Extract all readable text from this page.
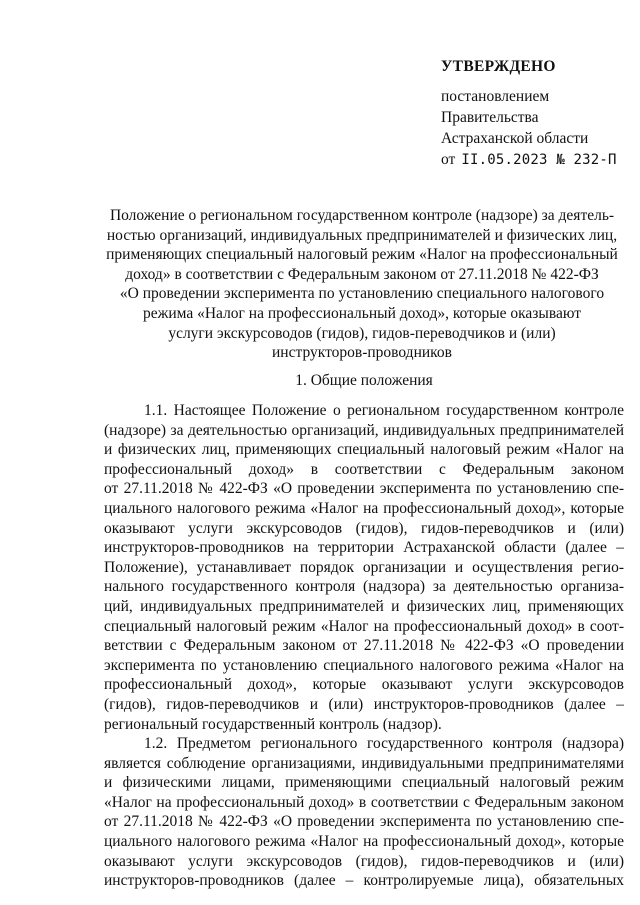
УТВЕРЖДЕНО
постановлением
Правительства
Астраханской области
от II.05.2023 № 232-П
Положение о региональном государственном контроле (надзоре) за деятель-
ностью организаций, индивидуальных предпринимателей и физических лиц,
применяющих специальный налоговый режим «Налог на профессиональный
доход» в соответствии с Федеральным законом от 27.11.2018 № 422-ФЗ
«О проведении эксперимента по установлению специального налогового
режима «Налог на профессиональный доход», которые оказывают
услуги экскурсоводов (гидов), гидов-переводчиков и (или)
инструкторов-проводников
1. Общие положения
1.1. Настоящее Положение о региональном государственном контроле
(надзоре) за деятельностью организаций, индивидуальных предпринимателей
и физических лиц, применяющих специальный налоговый режим «Налог на
профессиональный доход» в соответствии с Федеральным законом
от 27.11.2018 № 422-ФЗ «О проведении эксперимента по установлению спе-
циального налогового режима «Налог на профессиональный доход», которые
оказывают услуги экскурсоводов (гидов), гидов-переводчиков и (или)
инструкторов-проводников на территории Астраханской области (далее –
Положение), устанавливает порядок организации и осуществления регио-
нального государственного контроля (надзора) за деятельностью организа-
ций, индивидуальных предпринимателей и физических лиц, применяющих
специальный налоговый режим «Налог на профессиональный доход» в соот-
ветствии с Федеральным законом от 27.11.2018 № 422-ФЗ «О проведении
эксперимента по установлению специального налогового режима «Налог на
профессиональный доход», которые оказывают услуги экскурсоводов
(гидов), гидов-переводчиков и (или) инструкторов-проводников (далее –
региональный государственный контроль (надзор).
1.2. Предметом регионального государственного контроля (надзора)
является соблюдение организациями, индивидуальными предпринимателями
и физическими лицами, применяющими специальный налоговый режим
«Налог на профессиональный доход» в соответствии с Федеральным законом
от 27.11.2018 № 422-ФЗ «О проведении эксперимента по установлению спе-
циального налогового режима «Налог на профессиональный доход», которые
оказывают услуги экскурсоводов (гидов), гидов-переводчиков и (или)
инструкторов-проводников (далее – контролируемые лица), обязательных
